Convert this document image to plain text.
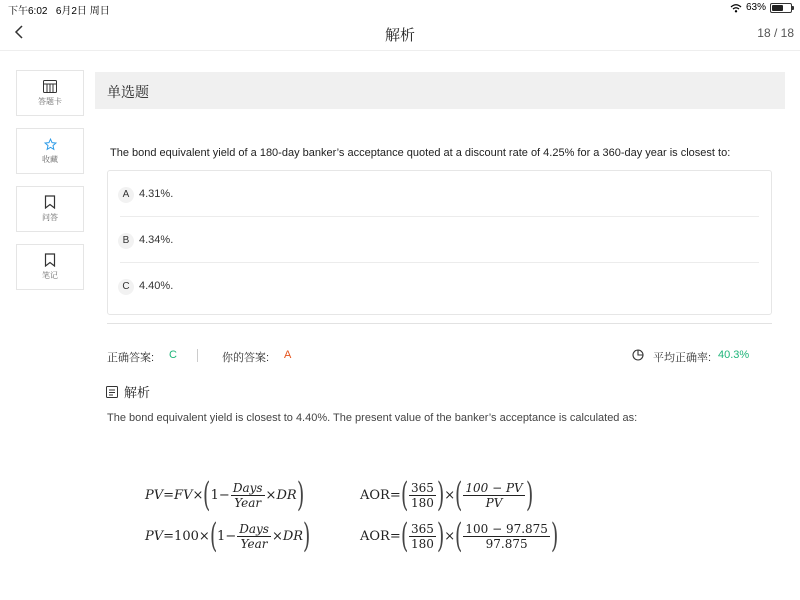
下午6:02 6月2日 周日	63%
解析	18 / 18
答题卡
收藏
问答
笔记
单选题
The bond equivalent yield of a 180-day banker’s acceptance quoted at a discount rate of 4.25% for a 360-day year is closest to:
A 4.31%.
B 4.34%.
C 4.40%.
正确答案: C	你的答案: A	平均正确率: 40.3%
解析
The bond equivalent yield is closest to 4.40%. The present value of the banker’s acceptance is calculated as:
PV = FV × ( $1 - \frac{\text{Days}}{\text{Year}}$ × DR )
PV = 100 × ( $1 - \frac{\text{Days}}{\text{Year}}$ × DR )
AOR = ( $\frac{365}{180}$ ) × ( $\frac{100 - PV}{PV}$ )
AOR = ( $\frac{365}{180}$ ) × ( $\frac{100 - 97.875}{97.875}$ )
